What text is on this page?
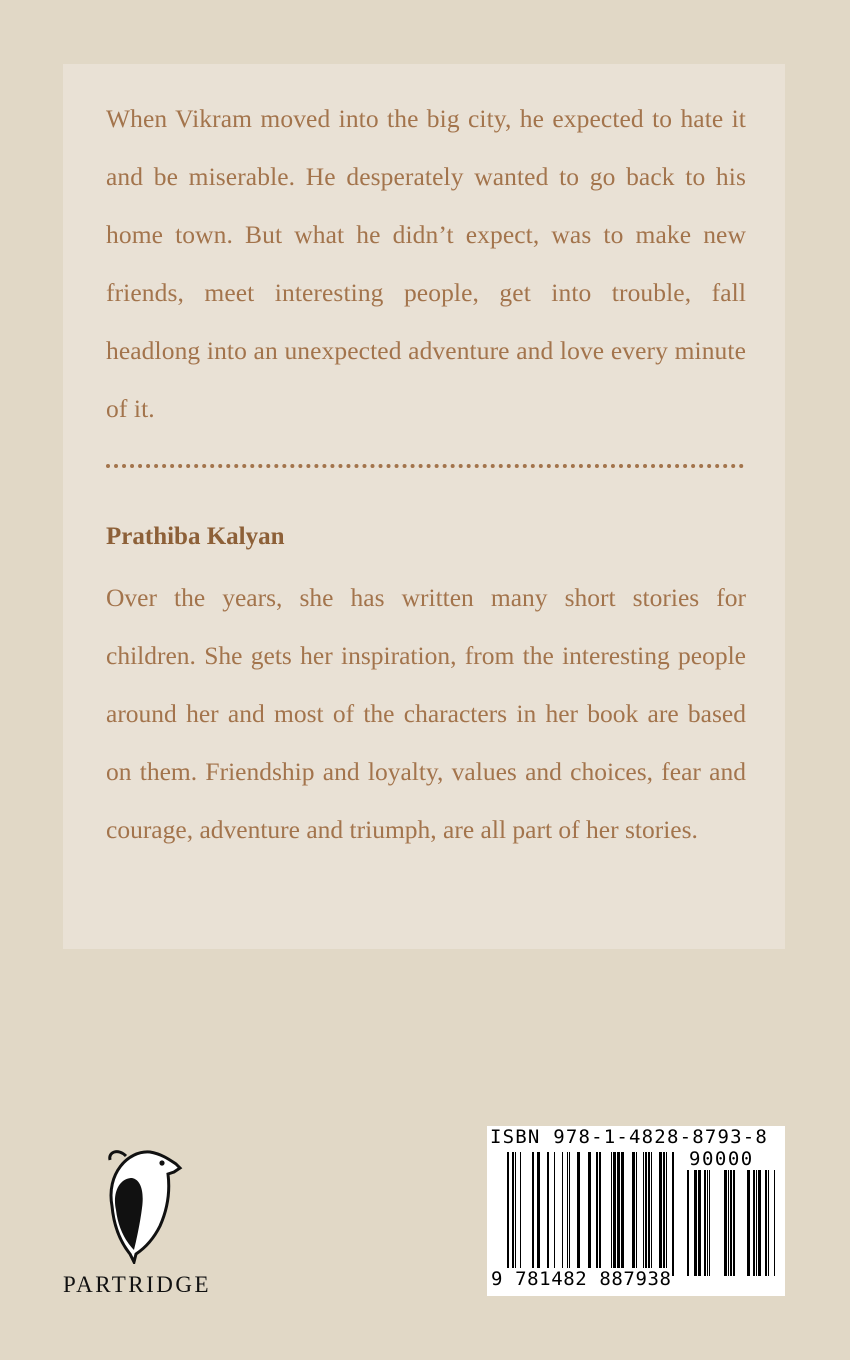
When Vikram moved into the big city, he expected to hate it and be miserable. He desperately wanted to go back to his home town. But what he didn’t expect, was to make new friends, meet interesting people, get into trouble, fall headlong into an unexpected adventure and love every minute of it.

Prathiba Kalyan

Over the years, she has written many short stories for children. She gets her inspiration, from the interesting people around her and most of the characters in her book are based on them. Friendship and loyalty, values and choices, fear and courage, adventure and triumph, are all part of her stories.

PARTRIDGE
ISBN 978-1-4828-8793-8
90000
9 781482 887938
